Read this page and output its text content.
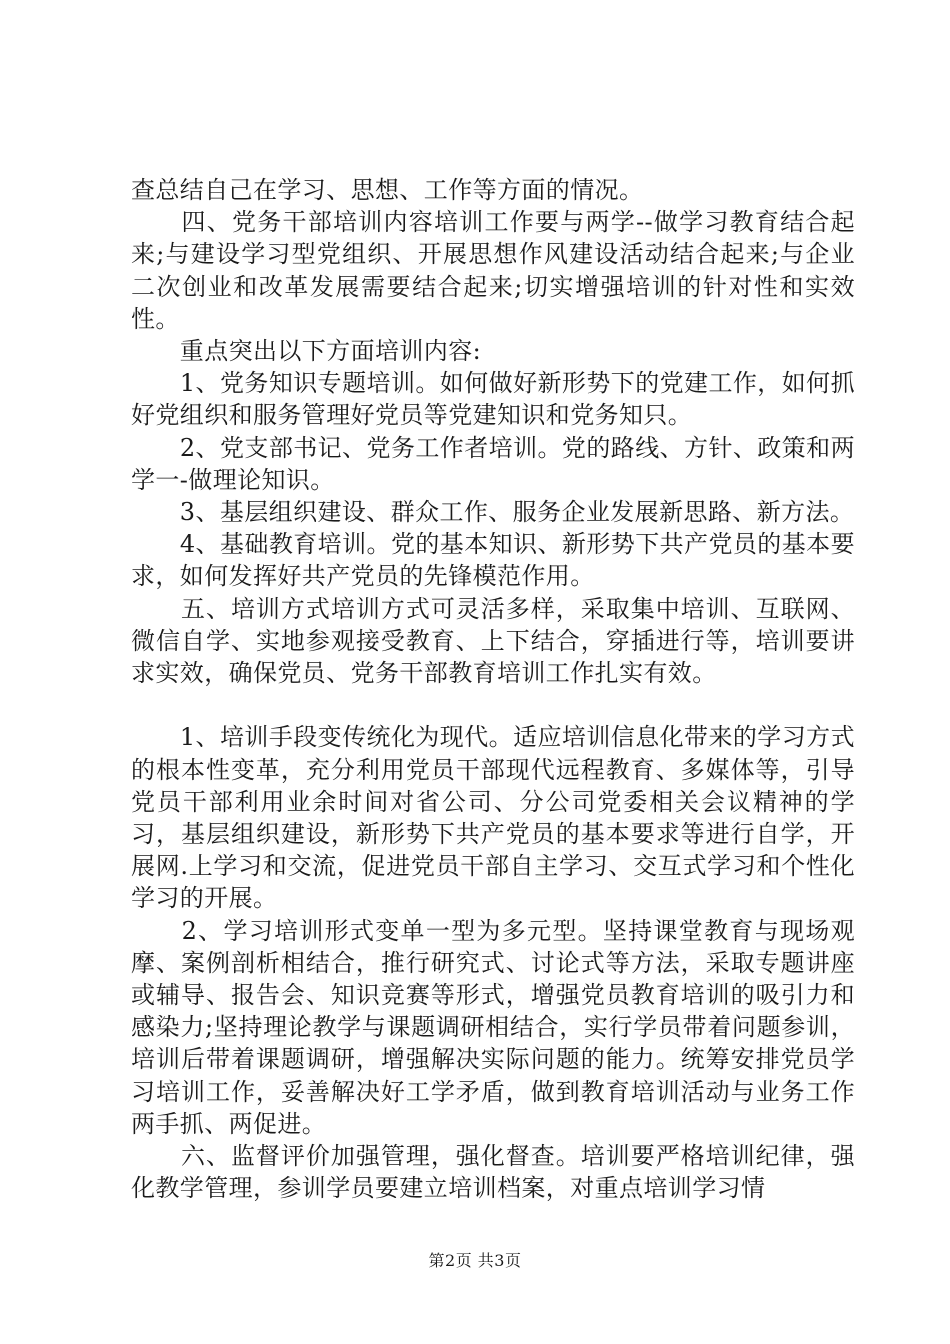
查总结自己在学习、思想、工作等方面的情况。

　　四、党务干部培训内容培训工作要与两学--做学习教育结合起来;与建设学习型党组织、开展思想作风建设活动结合起来;与企业二次创业和改革发展需要结合起来;切实增强培训的针对性和实效性。

　　重点突出以下方面培训内容:

　　1、党务知识专题培训。如何做好新形势下的党建工作，如何抓好党组织和服务管理好党员等党建知识和党务知只。

　　2、党支部书记、党务工作者培训。党的路线、方针、政策和两学一-做理论知识。

　　3、基层组织建设、群众工作、服务企业发展新思路、新方法。

　　4、基础教育培训。党的基本知识、新形势下共产党员的基本要求，如何发挥好共产党员的先锋模范作用。

　　五、培训方式培训方式可灵活多样，采取集中培训、互联网、微信自学、实地参观接受教育、上下结合，穿插进行等，培训要讲求实效，确保党员、党务干部教育培训工作扎实有效。

　　1、培训手段变传统化为现代。适应培训信息化带来的学习方式的根本性变革，充分利用党员干部现代远程教育、多媒体等，引导党员干部利用业余时间对省公司、分公司党委相关会议精神的学习，基层组织建设，新形势下共产党员的基本要求等进行自学，开展网.上学习和交流，促进党员干部自主学习、交互式学习和个性化学习的开展。

　　2、学习培训形式变单一型为多元型。坚持课堂教育与现场观摩、案例剖析相结合，推行研究式、讨论式等方法，采取专题讲座或辅导、报告会、知识竞赛等形式，增强党员教育培训的吸引力和感染力;坚持理论教学与课题调研相结合，实行学员带着问题参训，培训后带着课题调研，增强解决实际问题的能力。统筹安排党员学习培训工作，妥善解决好工学矛盾，做到教育培训活动与业务工作两手抓、两促进。

　　六、监督评价加强管理，强化督查。培训要严格培训纪律，强化教学管理，参训学员要建立培训档案，对重点培训学习情

第2页 共3页
